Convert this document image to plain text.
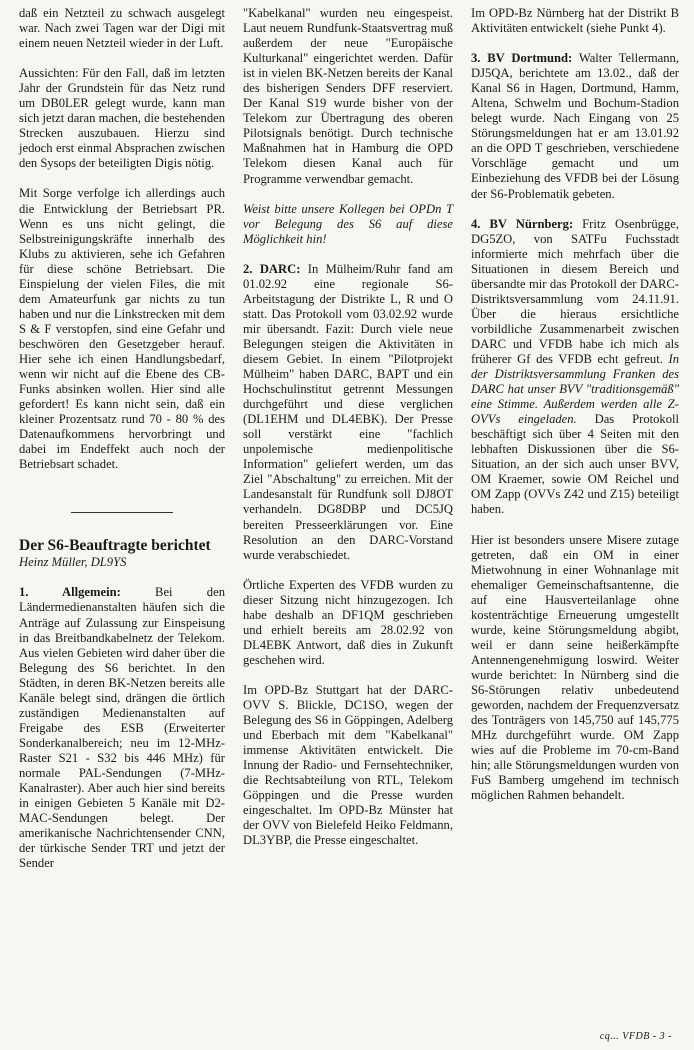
daß ein Netzteil zu schwach ausgelegt war. Nach zwei Tagen war der Digi mit einem neuen Netzteil wieder in der Luft.

Aussichten: Für den Fall, daß im letzten Jahr der Grundstein für das Netz rund um DB0LER gelegt wurde, kann man sich jetzt daran machen, die bestehenden Strecken auszubauen. Hierzu sind jedoch erst einmal Absprachen zwischen den Sysops der beteiligten Digis nötig.

Mit Sorge verfolge ich allerdings auch die Entwicklung der Betriebsart PR. Wenn es uns nicht gelingt, die Selbstreinigungskräfte innerhalb des Klubs zu aktivieren, sehe ich Gefahren für diese schöne Betriebsart. Die Einspielung der vielen Files, die mit dem Amateurfunk gar nichts zu tun haben und nur die Linkstrecken mit dem S & F verstopfen, sind eine Gefahr und beschwören den Gesetzgeber herauf. Hier sehe ich einen Handlungsbedarf, wenn wir nicht auf die Ebene des CB-Funks absinken wollen. Hier sind alle gefordert! Es kann nicht sein, daß ein kleiner Prozentsatz rund 70 - 80 % des Datenaufkommens hervorbringt und dabei im Endeffekt auch noch der Betriebsart schadet.

Der S6-Beauftragte berichtet
Heinz Müller, DL9YS

1. Allgemein: Bei den Ländermedienanstalten häufen sich die Anträge auf Zulassung zur Einspeisung in das Breitbandkabelnetz der Telekom. Aus vielen Gebieten wird daher über die Belegung des S6 berichtet. In den Städten, in deren BK-Netzen bereits alle Kanäle belegt sind, drängen die örtlich zuständigen Medienanstalten auf Freigabe des ESB (Erweiterter Sonderkanalbereich; neu im 12-MHz-Raster S21 - S32 bis 446 MHz) für normale PAL-Sendungen (7-MHz-Kanalraster). Aber auch hier sind bereits in einigen Gebieten 5 Kanäle mit D2-MAC-Sendungen belegt. Der amerikanische Nachrichtensender CNN, der türkische Sender TRT und jetzt der Sender

"Kabelkanal" wurden neu eingespeist. Laut neuem Rundfunk-Staatsvertrag muß außerdem der neue "Europäische Kulturkanal" eingerichtet werden. Dafür ist in vielen BK-Netzen bereits der Kanal des bisherigen Senders DFF reserviert. Der Kanal S19 wurde bisher von der Telekom zur Übertragung des oberen Pilotsignals benötigt. Durch technische Maßnahmen hat in Hamburg die OPD Telekom diesen Kanal auch für Programme verwendbar gemacht.

Weist bitte unsere Kollegen bei OPDn T vor Belegung des S6 auf diese Möglichkeit hin!

2. DARC: In Mülheim/Ruhr fand am 01.02.92 eine regionale S6-Arbeitstagung der Distrikte L, R und O statt. Das Protokoll vom 03.02.92 wurde mir übersandt. Fazit: Durch viele neue Belegungen steigen die Aktivitäten in diesem Gebiet. In einem "Pilotprojekt Mülheim" haben DARC, BAPT und ein Hochschulinstitut getrennt Messungen durchgeführt und diese verglichen (DL1EHM und DL4EBK). Der Presse soll verstärkt eine "fachlich unpolemische medienpolitische Information" geliefert werden, um das Ziel "Abschaltung" zu erreichen. Mit der Landesanstalt für Rundfunk soll DJ8OT verhandeln. DG8DBP und DC5JQ bereiten Presseerklärungen vor. Eine Resolution an den DARC-Vorstand wurde verabschiedet.

Örtliche Experten des VFDB wurden zu dieser Sitzung nicht hinzugezogen. Ich habe deshalb an DF1QM geschrieben und erhielt bereits am 28.02.92 von DL4EBK Antwort, daß dies in Zukunft geschehen wird.

Im OPD-Bz Stuttgart hat der DARC-OVV S. Blickle, DC1SO, wegen der Belegung des S6 in Göppingen, Adelberg und Eberbach mit dem "Kabelkanal" immense Aktivitäten entwickelt. Die Innung der Radio- und Fernsehtechniker, die Rechtsabteilung von RTL, Telekom Göppingen und die Presse wurden eingeschaltet. Im OPD-Bz Münster hat der OVV von Bielefeld Heiko Feldmann, DL3YBP, die Presse eingeschaltet.

Im OPD-Bz Nürnberg hat der Distrikt B Aktivitäten entwickelt (siehe Punkt 4).

3. BV Dortmund: Walter Tellermann, DJ5QA, berichtete am 13.02., daß der Kanal S6 in Hagen, Dortmund, Hamm, Altena, Schwelm und Bochum-Stadion belegt wurde. Nach Eingang von 25 Störungsmeldungen hat er am 13.01.92 an die OPD T geschrieben, verschiedene Vorschläge gemacht und um Einbeziehung des VFDB bei der Lösung der S6-Problematik gebeten.

4. BV Nürnberg: Fritz Osenbrügge, DG5ZO, von SATFu Fuchsstadt informierte mich mehrfach über die Situationen in diesem Bereich und übersandte mir das Protokoll der DARC-Distriktsversammlung vom 24.11.91. Über die hieraus ersichtliche vorbildliche Zusammenarbeit zwischen DARC und VFDB habe ich mich als früherer Gf des VFDB echt gefreut. In der Distriktsversammlung Franken des DARC hat unser BVV "traditionsgemäß" eine Stimme. Außerdem werden alle Z-OVVs eingeladen. Das Protokoll beschäftigt sich über 4 Seiten mit den lebhaften Diskussionen über die S6-Situation, an der sich auch unser BVV, OM Kraemer, sowie OM Reichel und OM Zapp (OVVs Z42 und Z15) beteiligt haben.

Hier ist besonders unsere Misere zutage getreten, daß ein OM in einer Mietwohnung in einer Wohnanlage mit ehemaliger Gemeinschaftsantenne, die auf eine Hausverteilanlage ohne kostenträchtige Erneuerung umgestellt wurde, keine Störungsmeldung abgibt, weil er dann seine heißerkämpfte Antennengenehmigung loswird. Weiter wurde berichtet: In Nürnberg sind die S6-Störungen relativ unbedeutend geworden, nachdem der Frequenzversatz des Tonträgers von 145,750 auf 145,775 MHz durchgeführt wurde. OM Zapp wies auf die Probleme im 70-cm-Band hin; alle Störungsmeldungen wurden von FuS Bamberg umgehend im technisch möglichen Rahmen behandelt.

cq... VFDB - 3 -
